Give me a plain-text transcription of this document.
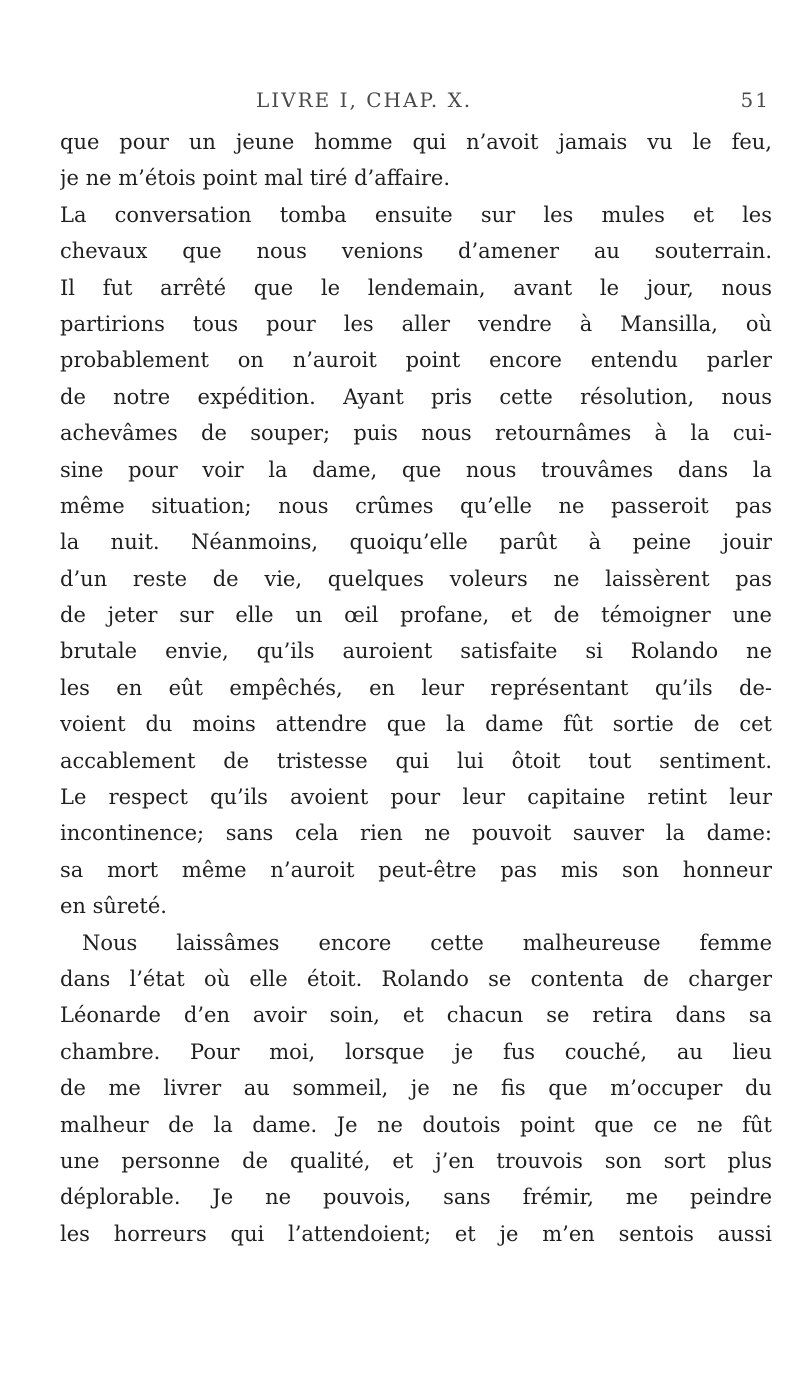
LIVRE I, CHAP. X.	51
que pour un jeune homme qui n’avoit jamais vu le feu,
je ne m’étois point mal tiré d’affaire.
La conversation tomba ensuite sur les mules et les
chevaux que nous venions d’amener au souterrain.
Il fut arrêté que le lendemain, avant le jour, nous
partirions tous pour les aller vendre à Mansilla, où
probablement on n’auroit point encore entendu parler
de notre expédition. Ayant pris cette résolution, nous
achevâmes de souper; puis nous retournâmes à la cui-
sine pour voir la dame, que nous trouvâmes dans la
même situation; nous crûmes qu’elle ne passeroit pas
la nuit. Néanmoins, quoiqu’elle parût à peine jouir
d’un reste de vie, quelques voleurs ne laissèrent pas
de jeter sur elle un œil profane, et de témoigner une
brutale envie, qu’ils auroient satisfaite si Rolando ne
les en eût empêchés, en leur représentant qu’ils de-
voient du moins attendre que la dame fût sortie de cet
accablement de tristesse qui lui ôtoit tout sentiment.
Le respect qu’ils avoient pour leur capitaine retint leur
incontinence; sans cela rien ne pouvoit sauver la dame:
sa mort même n’auroit peut-être pas mis son honneur
en sûreté.
Nous laissâmes encore cette malheureuse femme
dans l’état où elle étoit. Rolando se contenta de charger
Léonarde d’en avoir soin, et chacun se retira dans sa
chambre. Pour moi, lorsque je fus couché, au lieu
de me livrer au sommeil, je ne fis que m’occuper du
malheur de la dame. Je ne doutois point que ce ne fût
une personne de qualité, et j’en trouvois son sort plus
déplorable. Je ne pouvois, sans frémir, me peindre
les horreurs qui l’attendoient; et je m’en sentois aussi
